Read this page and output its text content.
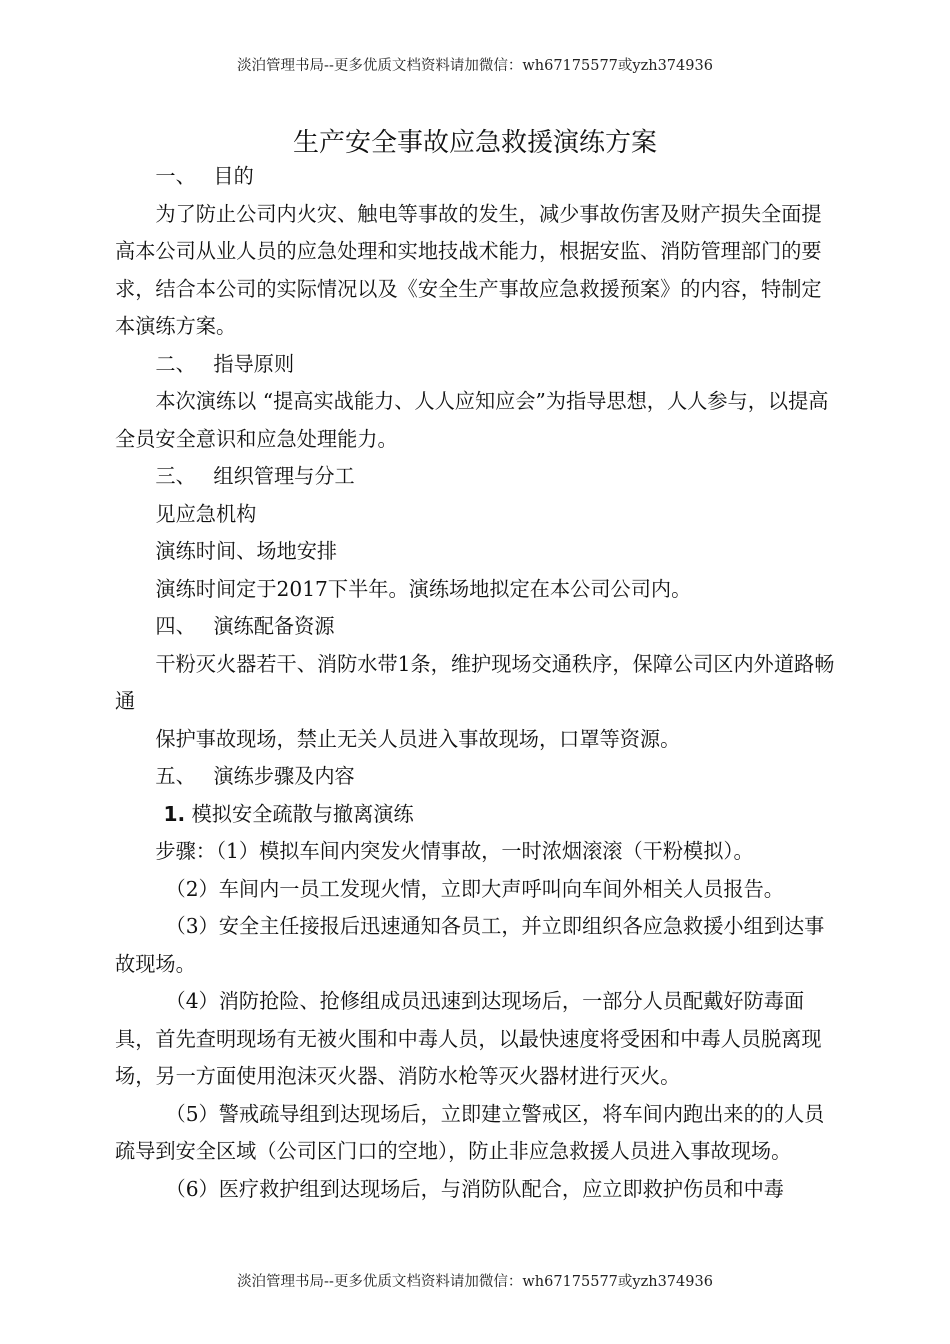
淡泊管理书局--更多优质文档资料请加微信：wh67175577或yzh374936
生产安全事故应急救援演练方案

一、 目的

为了防止公司内火灾、触电等事故的发生，减少事故伤害及财产损失全面提高本公司从业人员的应急处理和实地技战术能力，根据安监、消防管理部门的要求，结合本公司的实际情况以及《安全生产事故应急救援预案》的内容，特制定本演练方案。

二、 指导原则

本次演练以 “提高实战能力、人人应知应会”为指导思想，人人参与，以提高全员安全意识和应急处理能力。

三、 组织管理与分工

见应急机构

演练时间、场地安排

演练时间定于2017下半年。演练场地拟定在本公司公司内。

四、 演练配备资源

干粉灭火器若干、消防水带1条，维护现场交通秩序，保障公司区内外道路畅通

保护事故现场，禁止无关人员进入事故现场，口罩等资源。

五、 演练步骤及内容

1. 模拟安全疏散与撤离演练

步骤：（1）模拟车间内突发火情事故，一时浓烟滚滚（干粉模拟）。

（2）车间内一员工发现火情，立即大声呼叫向车间外相关人员报告。

（3）安全主任接报后迅速通知各员工，并立即组织各应急救援小组到达事故现场。

（4）消防抢险、抢修组成员迅速到达现场后，一部分人员配戴好防毒面具，首先查明现场有无被火围和中毒人员，以最快速度将受困和中毒人员脱离现场，另一方面使用泡沫灭火器、消防水枪等灭火器材进行灭火。

（5）警戒疏导组到达现场后，立即建立警戒区，将车间内跑出来的的人员疏导到安全区域（公司区门口的空地），防止非应急救援人员进入事故现场。

（6）医疗救护组到达现场后，与消防队配合，应立即救护伤员和中毒

淡泊管理书局--更多优质文档资料请加微信：wh67175577或yzh374936
